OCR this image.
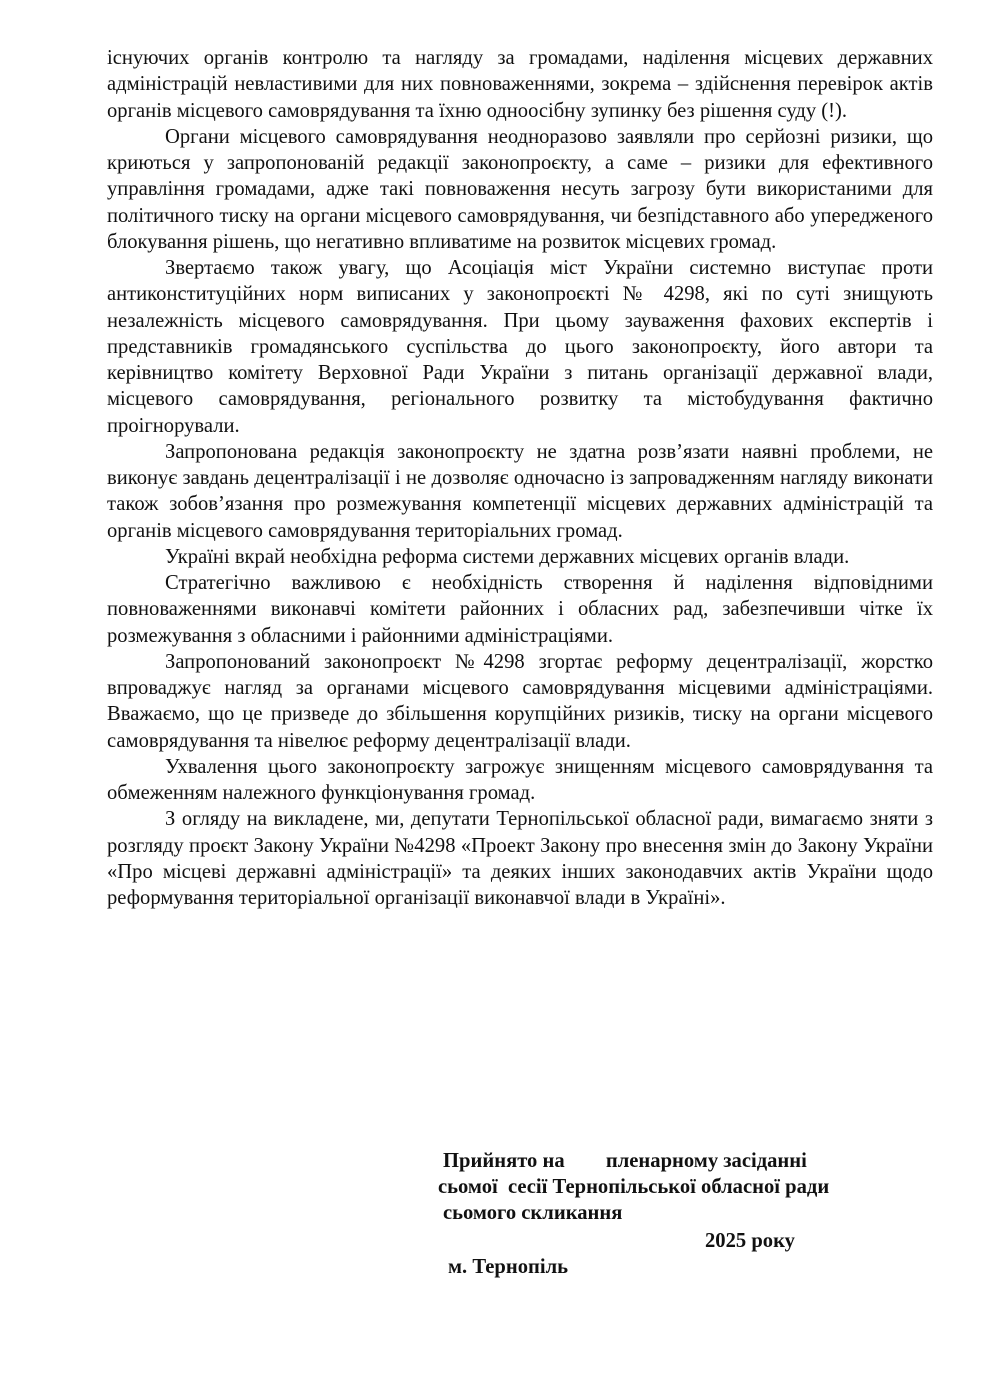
існуючих органів контролю та нагляду за громадами, наділення місцевих державних адміністрацій невластивими для них повноваженнями, зокрема – здійснення перевірок актів органів місцевого самоврядування та їхню одноосібну зупинку без рішення суду (!).

Органи місцевого самоврядування неодноразово заявляли про серйозні ризики, що криються у запропонованій редакції законопроєкту, а саме – ризики для ефективного управління громадами, адже такі повноваження несуть загрозу бути використаними для політичного тиску на органи місцевого самоврядування, чи безпідставного або упередженого блокування рішень, що негативно впливатиме на розвиток місцевих громад.

Звертаємо також увагу, що Асоціація міст України системно виступає проти антиконституційних норм виписаних у законопроєкті № 4298, які по суті знищують незалежність місцевого самоврядування. При цьому зауваження фахових експертів і представників громадянського суспільства до цього законопроєкту, його автори та керівництво комітету Верховної Ради України з питань організації державної влади, місцевого самоврядування, регіонального розвитку та містобудування фактично проігнорували.

Запропонована редакція законопроєкту не здатна розв’язати наявні проблеми, не виконує завдань децентралізації і не дозволяє одночасно із запровадженням нагляду виконати також зобов’язання про розмежування компетенції місцевих державних адміністрацій та органів місцевого самоврядування територіальних громад.

Україні вкрай необхідна реформа системи державних місцевих органів влади.

Стратегічно важливою є необхідність створення й наділення відповідними повноваженнями виконавчі комітети районних і обласних рад, забезпечивши чітке їх розмежування з обласними і районними адміністраціями.

Запропонований законопроєкт №4298 згортає реформу децентралізації, жорстко впроваджує нагляд за органами місцевого самоврядування місцевими адміністраціями. Вважаємо, що це призведе до збільшення корупційних ризиків, тиску на органи місцевого самоврядування та нівелює реформу децентралізації влади.

Ухвалення цього законопроєкту загрожує знищенням місцевого самоврядування та обмеженням належного функціонування громад.

З огляду на викладене, ми, депутати Тернопільської обласної ради, вимагаємо зняти з розгляду проєкт Закону України №4298 «Проект Закону про внесення змін до Закону України «Про місцеві державні адміністрації» та деяких інших законодавчих актів України щодо реформування територіальної організації виконавчої влади в Україні».

Прийнято на        пленарному засіданні

сьомої  сесії Тернопільської обласної ради

сьомого скликання

2025 року

м. Тернопіль
